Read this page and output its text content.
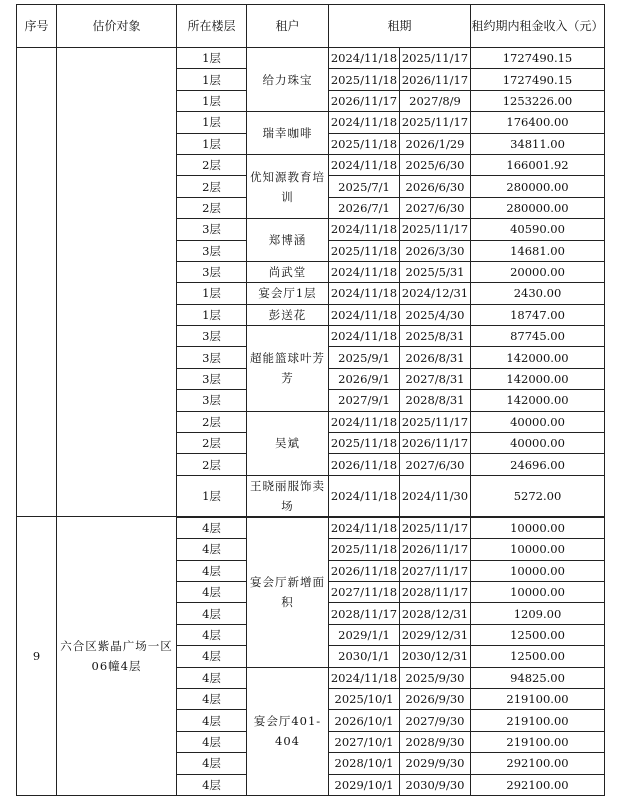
序号	估价对象	所在楼层	租户	租期		租约期内租金收入（元）
		1层	给力珠宝	2024/11/18	2025/11/17	1727490.15
		1层		2025/11/18	2026/11/17	1727490.15
		1层		2026/11/17	2027/8/9	1253226.00
		1层	瑞幸咖啡	2024/11/18	2025/11/17	176400.00
		1层		2025/11/18	2026/1/29	34811.00
		2层	优知源教育培训	2024/11/18	2025/6/30	166001.92
		2层		2025/7/1	2026/6/30	280000.00
		2层		2026/7/1	2027/6/30	280000.00
		3层	郑博涵	2024/11/18	2025/11/17	40590.00
		3层		2025/11/18	2026/3/30	14681.00
		3层	尚武堂	2024/11/18	2025/5/31	20000.00
		1层	宴会厅1层	2024/11/18	2024/12/31	2430.00
		1层	彭送花	2024/11/18	2025/4/30	18747.00
		3层	超能篮球叶芳芳	2024/11/18	2025/8/31	87745.00
		3层		2025/9/1	2026/8/31	142000.00
		3层		2026/9/1	2027/8/31	142000.00
		3层		2027/9/1	2028/8/31	142000.00
		2层	吴斌	2024/11/18	2025/11/17	40000.00
		2层		2025/11/18	2026/11/17	40000.00
		2层		2026/11/18	2027/6/30	24696.00
		1层	王晓丽服饰卖场	2024/11/18	2024/11/30	5272.00
9	六合区紫晶广场一区06幢4层	4层	宴会厅新增面积	2024/11/18	2025/11/17	10000.00
		4层		2025/11/18	2026/11/17	10000.00
		4层		2026/11/18	2027/11/17	10000.00
		4层		2027/11/18	2028/11/17	10000.00
		4层		2028/11/17	2028/12/31	1209.00
		4层		2029/1/1	2029/12/31	12500.00
		4层		2030/1/1	2030/12/31	12500.00
		4层	宴会厅401-404	2024/11/18	2025/9/30	94825.00
		4层		2025/10/1	2026/9/30	219100.00
		4层		2026/10/1	2027/9/30	219100.00
		4层		2027/10/1	2028/9/30	219100.00
		4层		2028/10/1	2029/9/30	292100.00
		4层		2029/10/1	2030/9/30	292100.00
